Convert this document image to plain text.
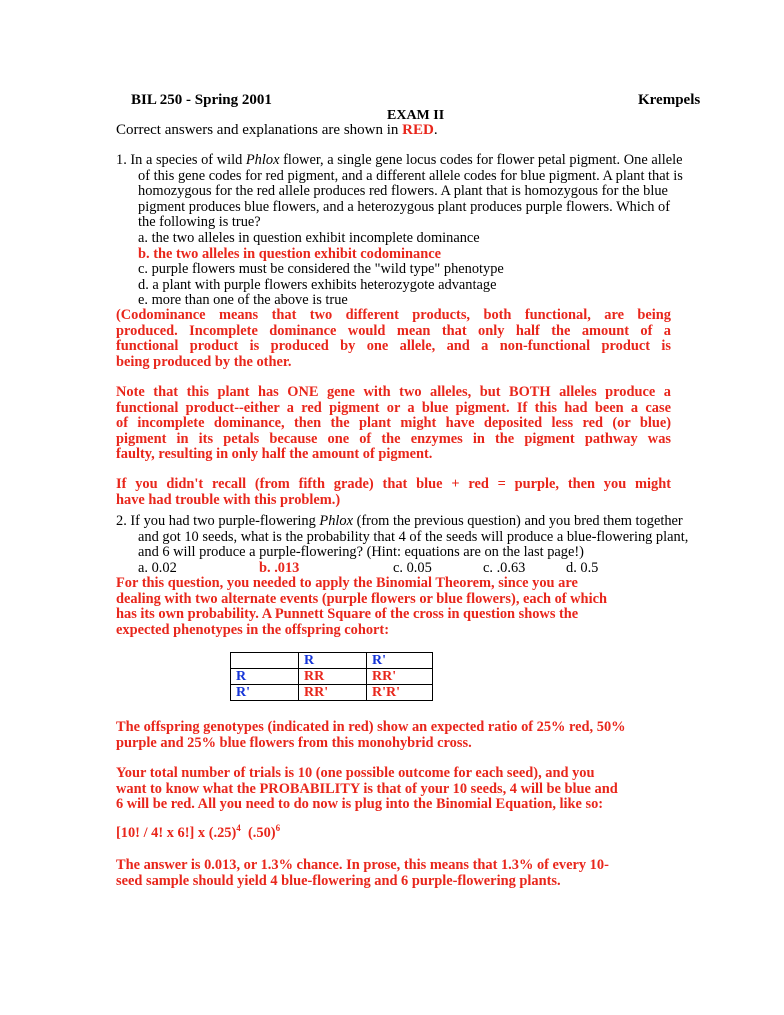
BIL 250 - Spring 2001	Krempels
EXAM II
Correct answers and explanations are shown in RED.
1. In a species of wild Phlox flower, a single gene locus codes for flower petal pigment. One allele
of this gene codes for red pigment, and a different allele codes for blue pigment. A plant that is
homozygous for the red allele produces red flowers. A plant that is homozygous for the blue
pigment produces blue flowers, and a heterozygous plant produces purple flowers. Which of
the following is true?
a. the two alleles in question exhibit incomplete dominance
b. the two alleles in question exhibit codominance
c. purple flowers must be considered the "wild type" phenotype
d. a plant with purple flowers exhibits heterozygote advantage
e. more than one of the above is true
(Codominance means that two different products, both functional, are being
produced. Incomplete dominance would mean that only half the amount of a
functional product is produced by one allele, and a non-functional product is
being produced by the other.
Note that this plant has ONE gene with two alleles, but BOTH alleles produce a
functional product--either a red pigment or a blue pigment. If this had been a case
of incomplete dominance, then the plant might have deposited less red (or blue)
pigment in its petals because one of the enzymes in the pigment pathway was
faulty, resulting in only half the amount of pigment.
If you didn't recall (from fifth grade) that blue + red = purple, then you might
have had trouble with this problem.)
2. If you had two purple-flowering Phlox (from the previous question) and you bred them together
and got 10 seeds, what is the probability that 4 of the seeds will produce a blue-flowering plant,
and 6 will produce a purple-flowering? (Hint: equations are on the last page!)
a. 0.02	b. .013	c. 0.05	c. .0.63	d. 0.5
For this question, you needed to apply the Binomial Theorem, since you are
dealing with two alternate events (purple flowers or blue flowers), each of which
has its own probability. A Punnett Square of the cross in question shows the
expected phenotypes in the offspring cohort:
	R	R'
R	RR	RR'
R'	RR'	R'R'
The offspring genotypes (indicated in red) show an expected ratio of 25% red, 50%
purple and 25% blue flowers from this monohybrid cross.
Your total number of trials is 10 (one possible outcome for each seed), and you
want to know what the PROBABILITY is that of your 10 seeds, 4 will be blue and
6 will be red. All you need to do now is plug into the Binomial Equation, like so:
[10! / 4! x 6!] x $(.25)^4$  $(.50)^6$
The answer is 0.013, or 1.3% chance. In prose, this means that 1.3% of every 10-
seed sample should yield 4 blue-flowering and 6 purple-flowering plants.
